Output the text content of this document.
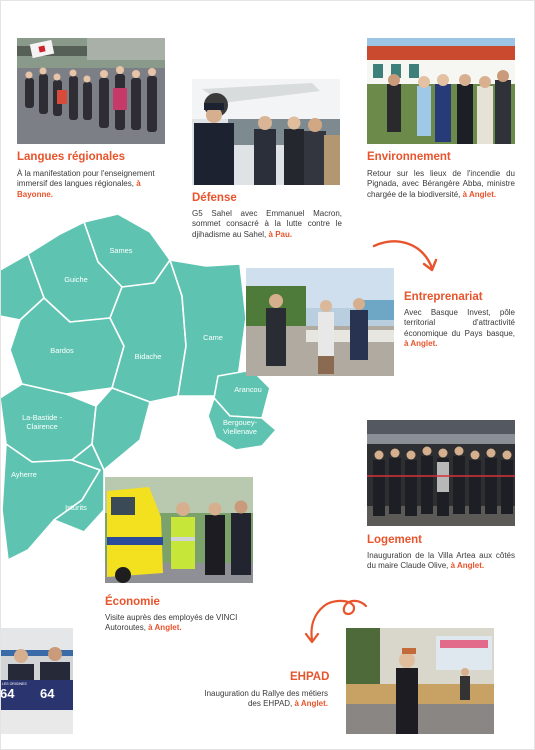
Sames
Guiche
Bardos
Bidache
Came
Arancou
Bergouey-
Viellenave
La-Bastide -
Clairence
Ayherre
Isturits
Langues régionales
À la manifestation pour l'enseignement immersif des langues régionales, à Bayonne.	Défense
G5 Sahel avec Emmanuel Macron, sommet consacré à la lutte contre le djihadisme au Sahel, à Pau.
Environnement
Retour sur les lieux de l'incendie du Pignada, avec Bérangère Abba, ministre chargée de la biodiversité, à Anglet.
Entreprenariat
Avec Basque Invest, pôle territorial d'attractivité économique du Pays basque, à Anglet.
Logement
Inauguration de la Villa Artea aux côtés du maire Claude Olive, à Anglet.
Économie
Visite auprès des employés de VINCI Autoroutes, à Anglet.
EHPAD
Inauguration du Rallye des métiers des EHPAD, à Anglet.
64 64
LES ORIGINES
